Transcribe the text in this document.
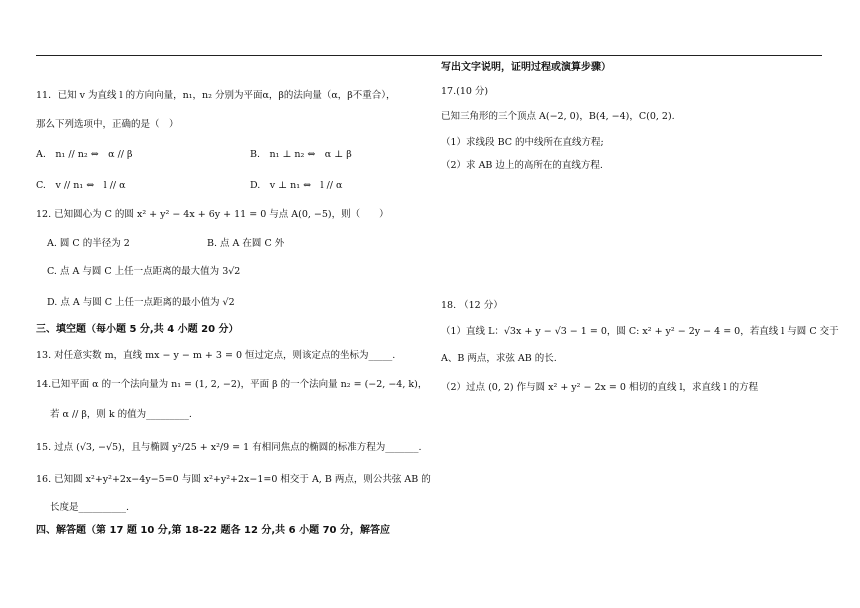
11．已知 v 为直线 l 的方向向量，n₁，n₂ 分别为平面α，β的法向量（α，β不重合），
那么下列选项中，正确的是（　）
A.　n₁ // n₂ ⇔　α // β	B.　n₁ ⊥ n₂ ⇔　α ⊥ β
C.　v // n₁ ⇔　l // α	D.　v ⊥ n₁ ⇔　l // α
12. 已知圆心为 C 的圆 x² + y² − 4x + 6y + 11 = 0 与点 A(0, −5)，则（　　）
A. 圆 C 的半径为 2	B. 点 A 在圆 C 外
C. 点 A 与圆 C 上任一点距离的最大值为 3√2
D. 点 A 与圆 C 上任一点距离的最小值为 √2
三、填空题（每小题 5 分,共 4 小题 20 分）
13. 对任意实数 m，直线 mx − y − m + 3 = 0 恒过定点，则该定点的坐标为_____.
14.已知平面 α 的一个法向量为 n₁ = (1, 2, −2)，平面 β 的一个法向量 n₂ = (−2, −4, k)，
若 α // β，则 k 的值为_________.
15. 过点 (√3, −√5)，且与椭圆 y²/25 + x²/9 = 1 有相同焦点的椭圆的标准方程为_______.
16. 已知圆 x²+y²+2x−4y−5=0 与圆 x²+y²+2x−1=0 相交于 A, B 两点，则公共弦 AB 的
长度是__________.
四、解答题（第 17 题 10 分,第 18-22 题各 12 分,共 6 小题 70 分，解答应
写出文字说明，证明过程或演算步骤）
17.(10 分)
已知三角形的三个顶点 A(−2, 0)，B(4, −4)，C(0, 2).
（1）求线段 BC 的中线所在直线方程;
（2）求 AB 边上的高所在的直线方程.
18. （12 分）
（1）直线 L：√3x + y − √3 − 1 = 0，圆 C: x² + y² − 2y − 4 = 0，若直线 l 与圆 C 交于
A、B 两点，求弦 AB 的长.
（2）过点 (0, 2) 作与圆 x² + y² − 2x = 0 相切的直线 l，求直线 l 的方程
